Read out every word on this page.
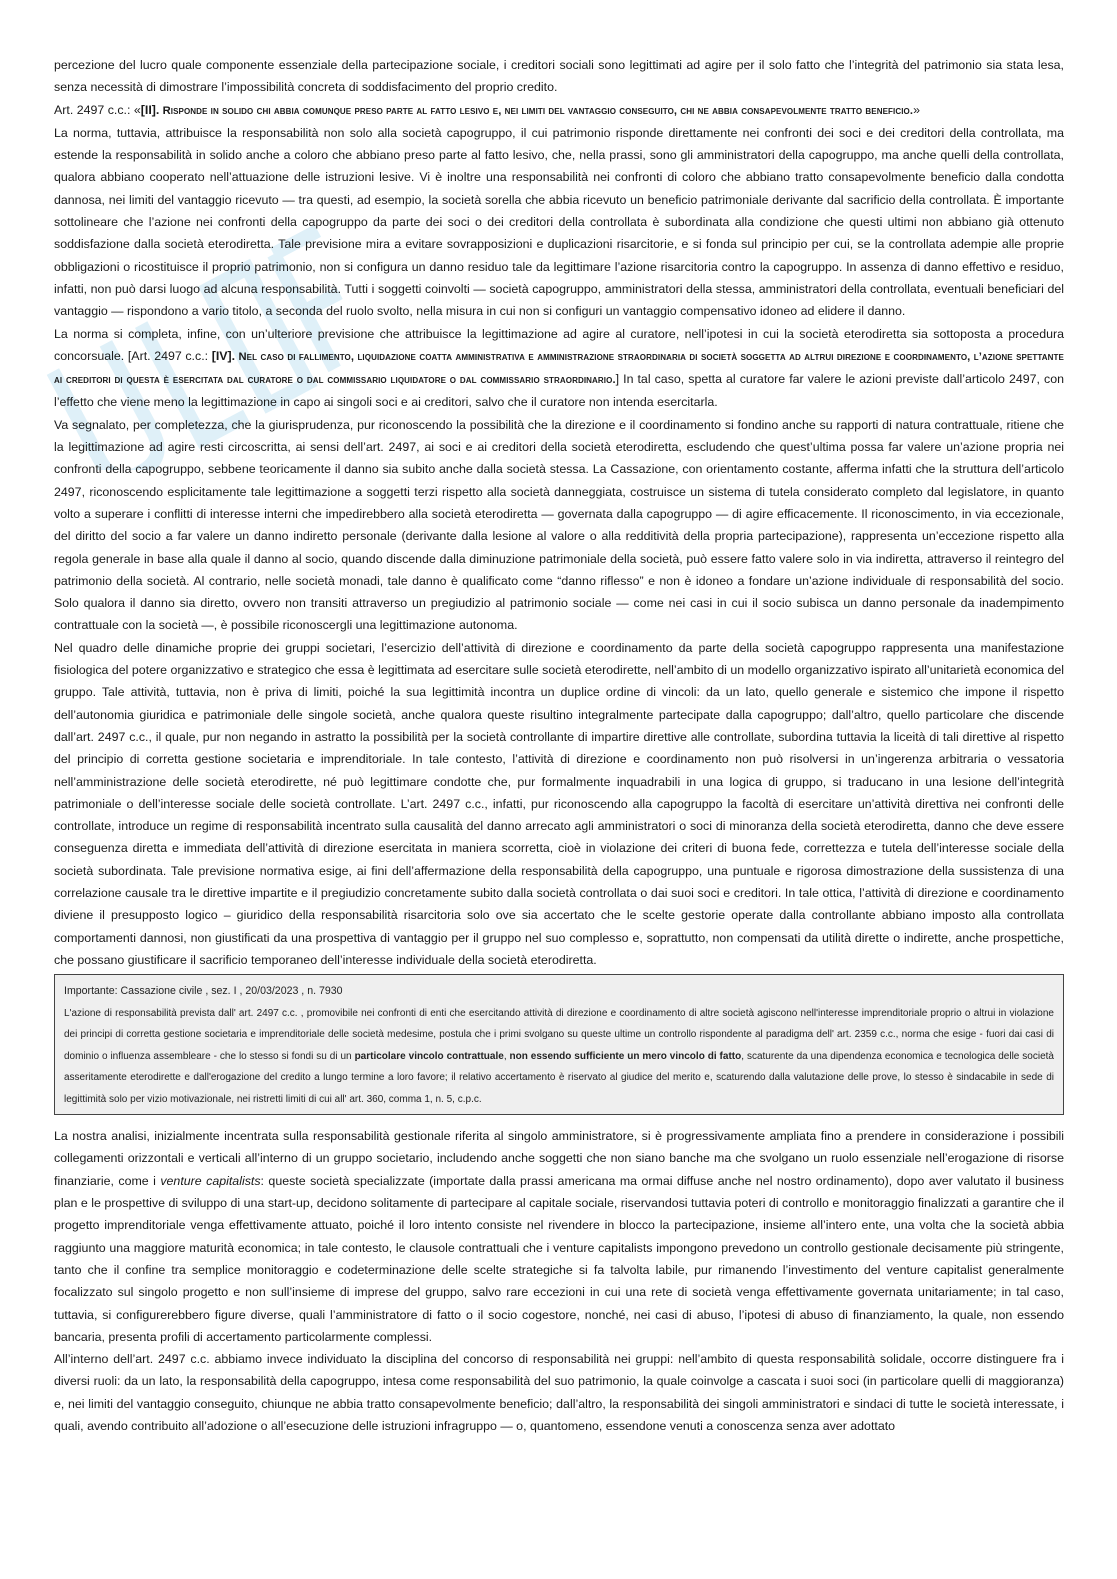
percezione del lucro quale componente essenziale della partecipazione sociale, i creditori sociali sono legittimati ad agire per il solo fatto che l’integrità del patrimonio sia stata lesa, senza necessità di dimostrare l’impossibilità concreta di soddisfacimento del proprio credito.

Art. 2497 c.c.: «[II]. Risponde in solido chi abbia comunque preso parte al fatto lesivo e, nei limiti del vantaggio conseguito, chi ne abbia consapevolmente tratto beneficio.»

La norma, tuttavia, attribuisce la responsabilità non solo alla società capogruppo, il cui patrimonio risponde direttamente nei confronti dei soci e dei creditori della controllata, ma estende la responsabilità in solido anche a coloro che abbiano preso parte al fatto lesivo, che, nella prassi, sono gli amministratori della capogruppo, ma anche quelli della controllata, qualora abbiano cooperato nell’attuazione delle istruzioni lesive. Vi è inoltre una responsabilità nei confronti di coloro che abbiano tratto consapevolmente beneficio dalla condotta dannosa, nei limiti del vantaggio ricevuto — tra questi, ad esempio, la società sorella che abbia ricevuto un beneficio patrimoniale derivante dal sacrificio della controllata. È importante sottolineare che l’azione nei confronti della capogruppo da parte dei soci o dei creditori della controllata è subordinata alla condizione che questi ultimi non abbiano già ottenuto soddisfazione dalla società eterodiretta. Tale previsione mira a evitare sovrapposizioni e duplicazioni risarcitorie, e si fonda sul principio per cui, se la controllata adempie alle proprie obbligazioni o ricostituisce il proprio patrimonio, non si configura un danno residuo tale da legittimare l’azione risarcitoria contro la capogruppo. In assenza di danno effettivo e residuo, infatti, non può darsi luogo ad alcuna responsabilità. Tutti i soggetti coinvolti — società capogruppo, amministratori della stessa, amministratori della controllata, eventuali beneficiari del vantaggio — rispondono a vario titolo, a seconda del ruolo svolto, nella misura in cui non si configuri un vantaggio compensativo idoneo ad elidere il danno.

La norma si completa, infine, con un’ulteriore previsione che attribuisce la legittimazione ad agire al curatore, nell’ipotesi in cui la società eterodiretta sia sottoposta a procedura concorsuale. [Art. 2497 c.c.: [IV]. Nel caso di fallimento, liquidazione coatta amministrativa e amministrazione straordinaria di società soggetta ad altrui direzione e coordinamento, l’azione spettante ai creditori di questa è esercitata dal curatore o dal commissario liquidatore o dal commissario straordinario.] In tal caso, spetta al curatore far valere le azioni previste dall’articolo 2497, con l’effetto che viene meno la legittimazione in capo ai singoli soci e ai creditori, salvo che il curatore non intenda esercitarla.

Va segnalato, per completezza, che la giurisprudenza, pur riconoscendo la possibilità che la direzione e il coordinamento si fondino anche su rapporti di natura contrattuale, ritiene che la legittimazione ad agire resti circoscritta, ai sensi dell’art. 2497, ai soci e ai creditori della società eterodiretta, escludendo che quest’ultima possa far valere un’azione propria nei confronti della capogruppo, sebbene teoricamente il danno sia subito anche dalla società stessa. La Cassazione, con orientamento costante, afferma infatti che la struttura dell’articolo 2497, riconoscendo esplicitamente tale legittimazione a soggetti terzi rispetto alla società danneggiata, costruisce un sistema di tutela considerato completo dal legislatore, in quanto volto a superare i conflitti di interesse interni che impedirebbero alla società eterodiretta — governata dalla capogruppo — di agire efficacemente. Il riconoscimento, in via eccezionale, del diritto del socio a far valere un danno indiretto personale (derivante dalla lesione al valore o alla redditività della propria partecipazione), rappresenta un’eccezione rispetto alla regola generale in base alla quale il danno al socio, quando discende dalla diminuzione patrimoniale della società, può essere fatto valere solo in via indiretta, attraverso il reintegro del patrimonio della società. Al contrario, nelle società monadi, tale danno è qualificato come “danno riflesso” e non è idoneo a fondare un’azione individuale di responsabilità del socio. Solo qualora il danno sia diretto, ovvero non transiti attraverso un pregiudizio al patrimonio sociale — come nei casi in cui il socio subisca un danno personale da inadempimento contrattuale con la società —, è possibile riconoscergli una legittimazione autonoma.

Nel quadro delle dinamiche proprie dei gruppi societari, l’esercizio dell’attività di direzione e coordinamento da parte della società capogruppo rappresenta una manifestazione fisiologica del potere organizzativo e strategico che essa è legittimata ad esercitare sulle società eterodirette, nell’ambito di un modello organizzativo ispirato all’unitarietà economica del gruppo. Tale attività, tuttavia, non è priva di limiti, poiché la sua legittimità incontra un duplice ordine di vincoli: da un lato, quello generale e sistemico che impone il rispetto dell’autonomia giuridica e patrimoniale delle singole società, anche qualora queste risultino integralmente partecipate dalla capogruppo; dall’altro, quello particolare che discende dall’art. 2497 c.c., il quale, pur non negando in astratto la possibilità per la società controllante di impartire direttive alle controllate, subordina tuttavia la liceità di tali direttive al rispetto del principio di corretta gestione societaria e imprenditoriale. In tale contesto, l’attività di direzione e coordinamento non può risolversi in un’ingerenza arbitraria o vessatoria nell’amministrazione delle società eterodirette, né può legittimare condotte che, pur formalmente inquadrabili in una logica di gruppo, si traducano in una lesione dell’integrità patrimoniale o dell’interesse sociale delle società controllate. L’art. 2497 c.c., infatti, pur riconoscendo alla capogruppo la facoltà di esercitare un’attività direttiva nei confronti delle controllate, introduce un regime di responsabilità incentrato sulla causalità del danno arrecato agli amministratori o soci di minoranza della società eterodiretta, danno che deve essere conseguenza diretta e immediata dell’attività di direzione esercitata in maniera scorretta, cioè in violazione dei criteri di buona fede, correttezza e tutela dell’interesse sociale della società subordinata. Tale previsione normativa esige, ai fini dell’affermazione della responsabilità della capogruppo, una puntuale e rigorosa dimostrazione della sussistenza di una correlazione causale tra le direttive impartite e il pregiudizio concretamente subito dalla società controllata o dai suoi soci e creditori. In tale ottica, l’attività di direzione e coordinamento diviene il presupposto logico – giuridico della responsabilità risarcitoria solo ove sia accertato che le scelte gestorie operate dalla controllante abbiano imposto alla controllata comportamenti dannosi, non giustificati da una prospettiva di vantaggio per il gruppo nel suo complesso e, soprattutto, non compensati da utilità dirette o indirette, anche prospettiche, che possano giustificare il sacrificio temporaneo dell’interesse individuale della società eterodiretta.

Importante: Cassazione civile , sez. I , 20/03/2023 , n. 7930

L'azione di responsabilità prevista dall' art. 2497 c.c. , promovibile nei confronti di enti che esercitando attività di direzione e coordinamento di altre società agiscono nell'interesse imprenditoriale proprio o altrui in violazione dei principi di corretta gestione societaria e imprenditoriale delle società medesime, postula che i primi svolgano su queste ultime un controllo rispondente al paradigma dell' art. 2359 c.c., norma che esige - fuori dai casi di dominio o influenza assembleare - che lo stesso si fondi su di un particolare vincolo contrattuale, non essendo sufficiente un mero vincolo di fatto, scaturente da una dipendenza economica e tecnologica delle società asseritamente eterodirette e dall'erogazione del credito a lungo termine a loro favore; il relativo accertamento è riservato al giudice del merito e, scaturendo dalla valutazione delle prove, lo stesso è sindacabile in sede di legittimità solo per vizio motivazionale, nei ristretti limiti di cui all' art. 360, comma 1, n. 5, c.p.c.

La nostra analisi, inizialmente incentrata sulla responsabilità gestionale riferita al singolo amministratore, si è progressivamente ampliata fino a prendere in considerazione i possibili collegamenti orizzontali e verticali all’interno di un gruppo societario, includendo anche soggetti che non siano banche ma che svolgano un ruolo essenziale nell’erogazione di risorse finanziarie, come i venture capitalists: queste società specializzate (importate dalla prassi americana ma ormai diffuse anche nel nostro ordinamento), dopo aver valutato il business plan e le prospettive di sviluppo di una start-up, decidono solitamente di partecipare al capitale sociale, riservandosi tuttavia poteri di controllo e monitoraggio finalizzati a garantire che il progetto imprenditoriale venga effettivamente attuato, poiché il loro intento consiste nel rivendere in blocco la partecipazione, insieme all’intero ente, una volta che la società abbia raggiunto una maggiore maturità economica; in tale contesto, le clausole contrattuali che i venture capitalists impongono prevedono un controllo gestionale decisamente più stringente, tanto che il confine tra semplice monitoraggio e codeterminazione delle scelte strategiche si fa talvolta labile, pur rimanendo l’investimento del venture capitalist generalmente focalizzato sul singolo progetto e non sull’insieme di imprese del gruppo, salvo rare eccezioni in cui una rete di società venga effettivamente governata unitariamente; in tal caso, tuttavia, si configurerebbero figure diverse, quali l’amministratore di fatto o il socio cogestore, nonché, nei casi di abuso, l’ipotesi di abuso di finanziamento, la quale, non essendo bancaria, presenta profili di accertamento particolarmente complessi.

All’interno dell’art. 2497 c.c. abbiamo invece individuato la disciplina del concorso di responsabilità nei gruppi: nell’ambito di questa responsabilità solidale, occorre distinguere fra i diversi ruoli: da un lato, la responsabilità della capogruppo, intesa come responsabilità del suo patrimonio, la quale coinvolge a cascata i suoi soci (in particolare quelli di maggioranza) e, nei limiti del vantaggio conseguito, chiunque ne abbia tratto consapevolmente beneficio; dall’altro, la responsabilità dei singoli amministratori e sindaci di tutte le società interessate, i quali, avendo contribuito all’adozione o all’esecuzione delle istruzioni infragruppo — o, quantomeno, essendone venuti a conoscenza senza aver adottato
